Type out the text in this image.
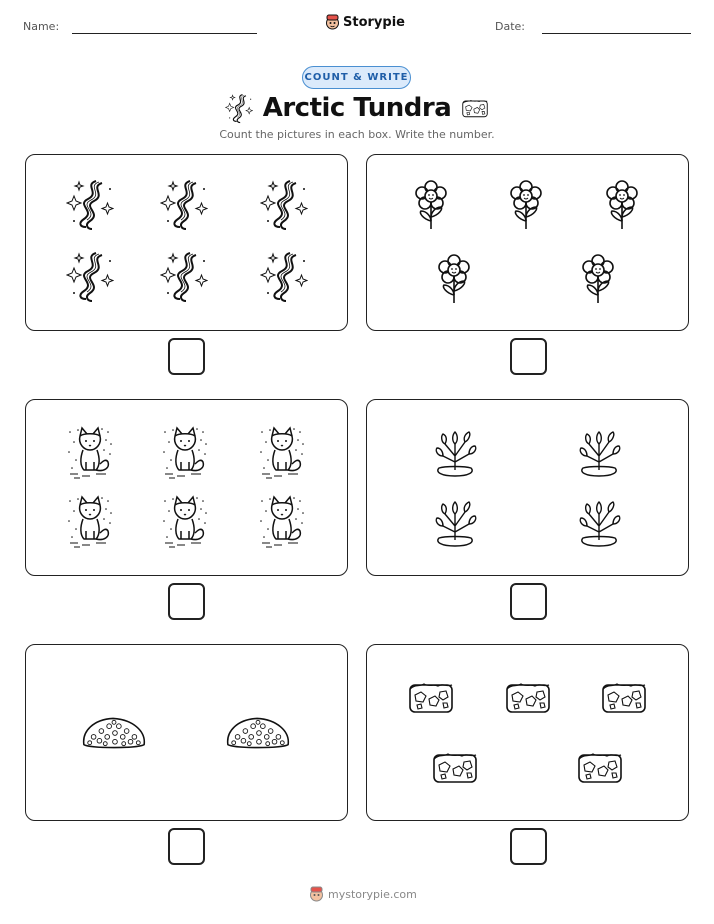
Name:	Storypie	Date:
COUNT & WRITE
Arctic Tundra
Count the pictures in each box. Write the number.
mystorypie.com
